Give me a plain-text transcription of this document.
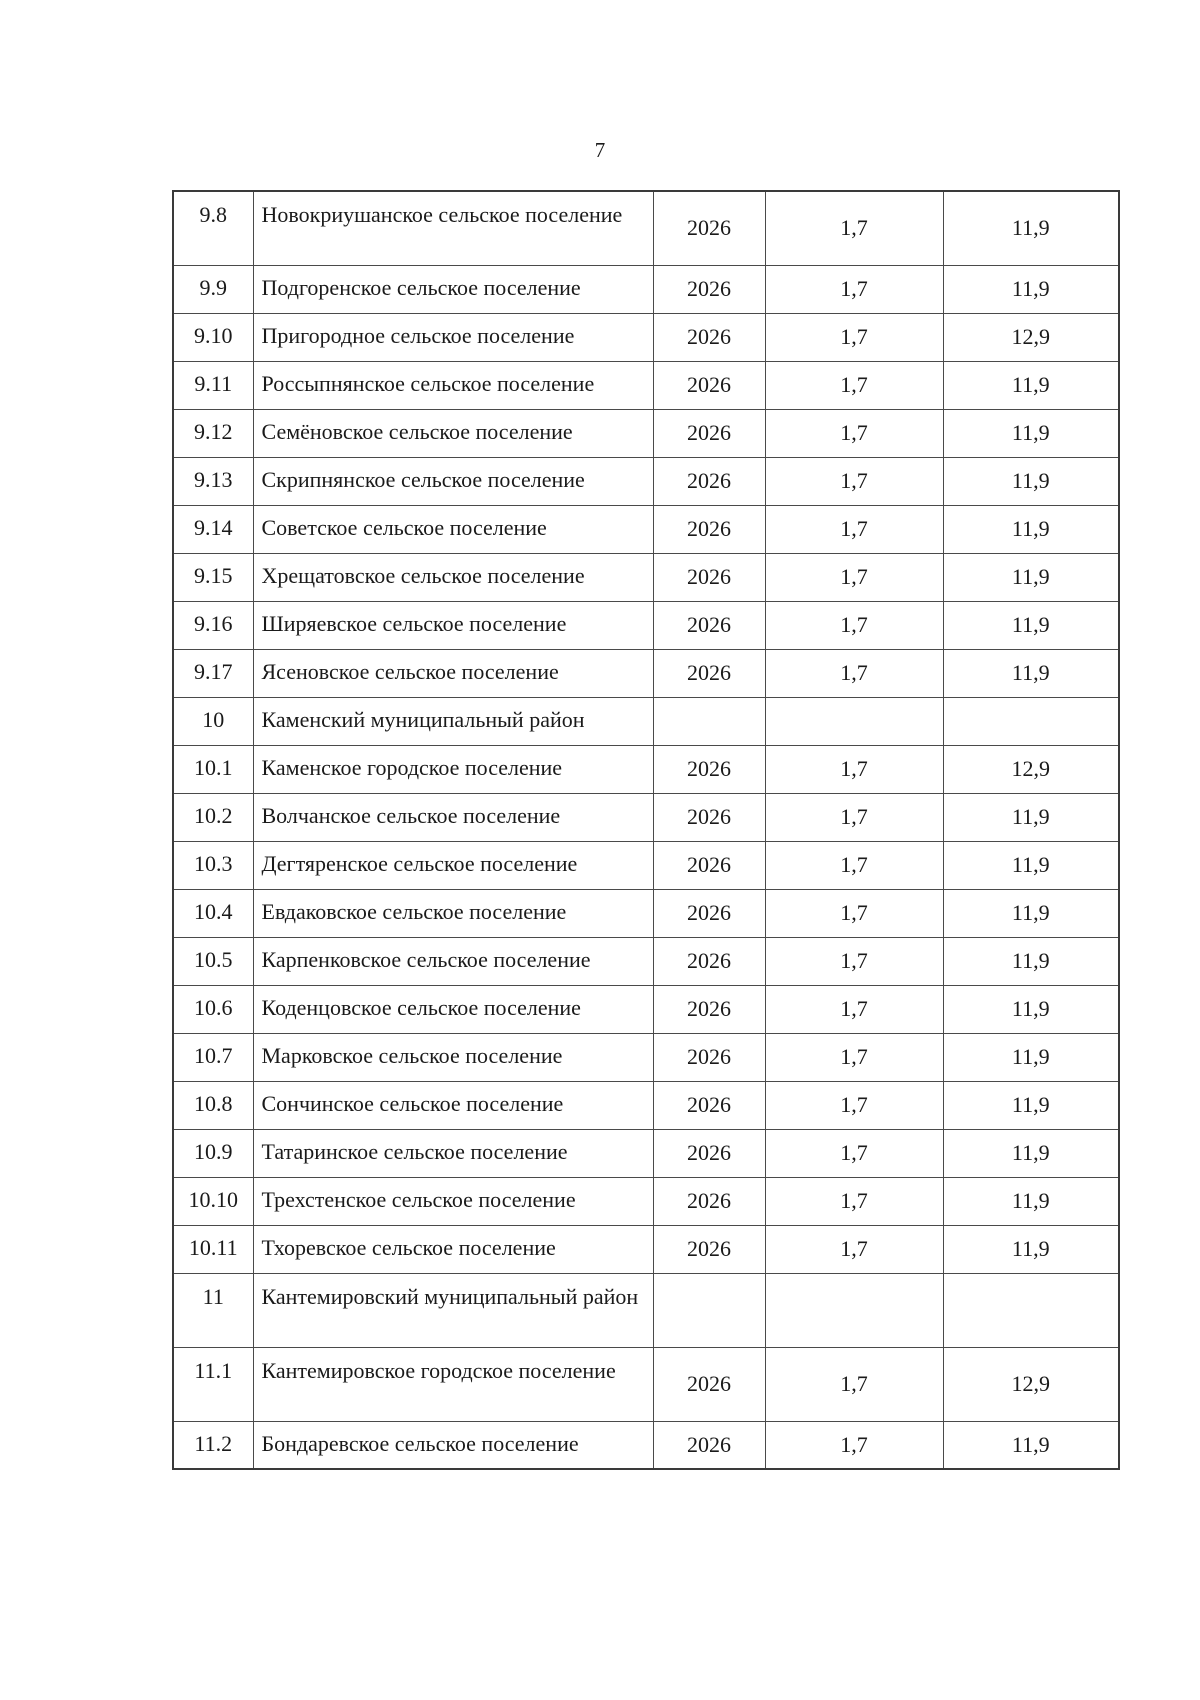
7
9.8	Новокриушанское сельское поселение	2026	1,7	11,9
9.9	Подгоренское сельское поселение	2026	1,7	11,9
9.10	Пригородное сельское поселение	2026	1,7	12,9
9.11	Россыпнянское сельское поселение	2026	1,7	11,9
9.12	Семёновское сельское поселение	2026	1,7	11,9
9.13	Скрипнянское сельское поселение	2026	1,7	11,9
9.14	Советское сельское поселение	2026	1,7	11,9
9.15	Хрещатовское сельское поселение	2026	1,7	11,9
9.16	Ширяевское сельское поселение	2026	1,7	11,9
9.17	Ясеновское сельское поселение	2026	1,7	11,9
10	Каменский муниципальный район			
10.1	Каменское городское поселение	2026	1,7	12,9
10.2	Волчанское сельское поселение	2026	1,7	11,9
10.3	Дегтяренское сельское поселение	2026	1,7	11,9
10.4	Евдаковское сельское поселение	2026	1,7	11,9
10.5	Карпенковское сельское поселение	2026	1,7	11,9
10.6	Коденцовское сельское поселение	2026	1,7	11,9
10.7	Марковское сельское поселение	2026	1,7	11,9
10.8	Сончинское сельское поселение	2026	1,7	11,9
10.9	Татаринское сельское поселение	2026	1,7	11,9
10.10	Трехстенское сельское поселение	2026	1,7	11,9
10.11	Тхоревское сельское поселение	2026	1,7	11,9
11	Кантемировский муниципальный район			
11.1	Кантемировское городское поселение	2026	1,7	12,9
11.2	Бондаревское сельское поселение	2026	1,7	11,9
